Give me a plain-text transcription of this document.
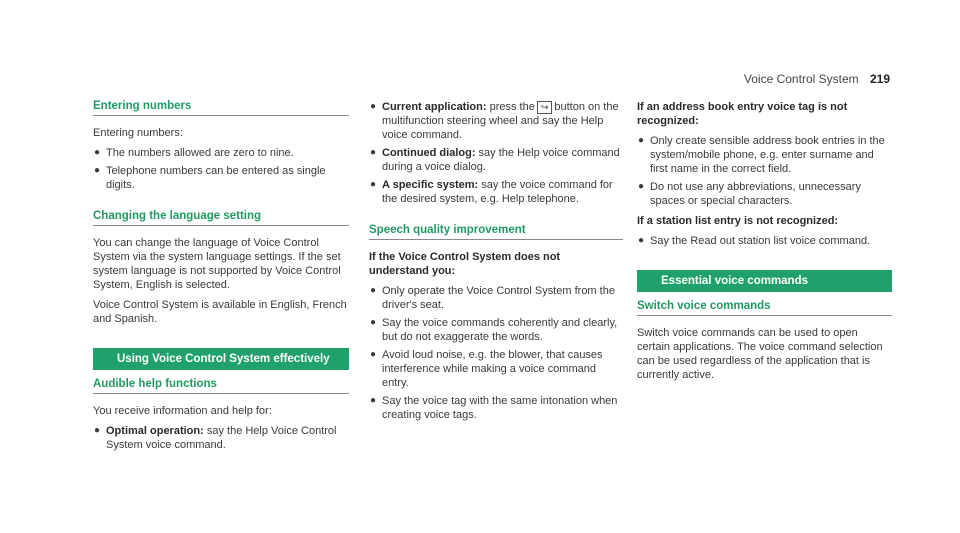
Voice Control System 219
Entering numbers

Entering numbers:

● The numbers allowed are zero to nine.
● Telephone numbers can be entered as single digits.
Changing the language setting

You can change the language of Voice Control System via the system language settings. If the set system language is not supported by Voice Control System, English is selected.

Voice Control System is available in English, French and Spanish.

Using Voice Control System effectively
Audible help functions

You receive information and help for:

● Optimal operation: say the Help Voice Control System voice command.
● Current application: press the ↪ button on the multifunction steering wheel and say the Help voice command.
● Continued dialog: say the Help voice command during a voice dialog.
● A specific system: say the voice command for the desired system, e.g. Help telephone.
Speech quality improvement

If the Voice Control System does not understand you:

● Only operate the Voice Control System from the driver's seat.
● Say the voice commands coherently and clearly, but do not exaggerate the words.
● Avoid loud noise, e.g. the blower, that causes interference while making a voice command entry.
● Say the voice tag with the same intonation when creating voice tags.

If an address book entry voice tag is not recognized:

● Only create sensible address book entries in the system/mobile phone, e.g. enter surname and first name in the correct field.
● Do not use any abbreviations, unnecessary spaces or special characters.

If a station list entry is not recognized:

● Say the Read out station list voice command.
Essential voice commands
Switch voice commands

Switch voice commands can be used to open certain applications. The voice command selection can be used regardless of the application that is currently active.
